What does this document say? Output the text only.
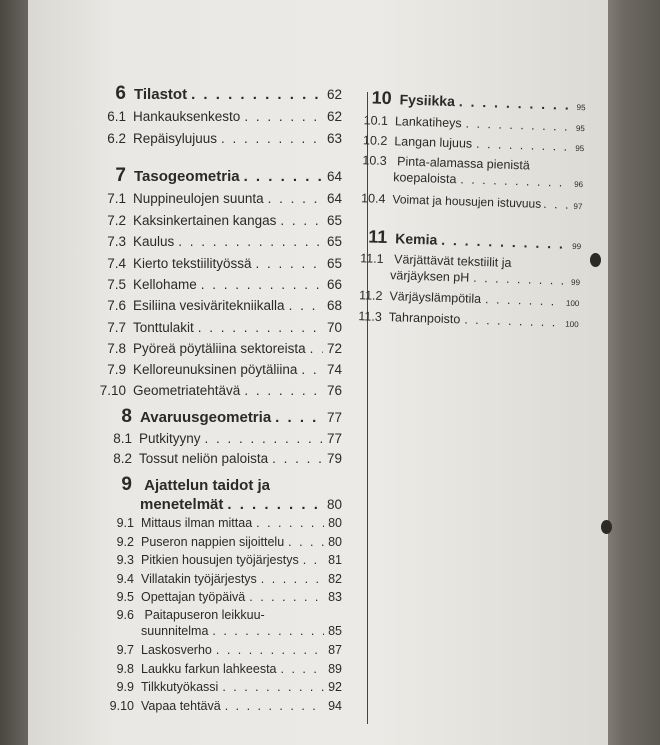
6 Tilastot . . .	62
6.1 Hankauksenkesto . . .	62
6.2 Repäisylujuus . . .	63
7 Tasogeometria . . .	64
7.1 Nuppineulojen suunta . . .	64
7.2 Kaksinkertainen kangas . . .	65
7.3 Kaulus . . .	65
7.4 Kierto tekstiilityössä . . .	65
7.5 Kellohame . . .	66
7.6 Esiliina vesiväritekniikalla . . .	68
7.7 Tonttulakit . . .	70
7.8 Pyöreä pöytäliina sektoreista . . . 72
7.9 Kelloreunuksinen pöytäliina . . . 74
7.10 Geometriatehtävä . . .	76
8 Avaruusgeometria . . .	77
8.1 Putkityyny . . .	77
8.2 Tossut neliön paloista . . .	79
9 Ajattelun taidot ja
menetelmät . . .	80
9.1 Mittaus ilman mittaa . . .	80
9.2 Puseron nappien sijoittelu . . .	80
9.3 Pitkien housujen työjärjestys . . . 81
9.4 Villatakin työjärjestys . . .	82
9.5 Opettajan työpäivä . . .	83
9.6 Paitapuseron leikkuu-
suunnitelma . . .	85
9.7 Laskosverho . . .	87
9.8 Laukku farkun lahkeesta . . .	89
9.9 Tilkkutyökassi . . .	92
9.10 Vapaa tehtävä . . .	94
10 Fysiikka . . .	95
10.1 Lankatiheys . . .	95
10.2 Langan lujuus . . .	95
10.3 Pinta-alamassa pienistä
koepaloista . . .	96
10.4 Voimat ja housujen istuvuus . . .	97
11 Kemia . . .	99
11.1 Värjättävät tekstiilit ja
värjäyksen pH . . .	99
11.2 Värjäyslämpötila . . .	100
11.3 Tahranpoisto . . .	100
